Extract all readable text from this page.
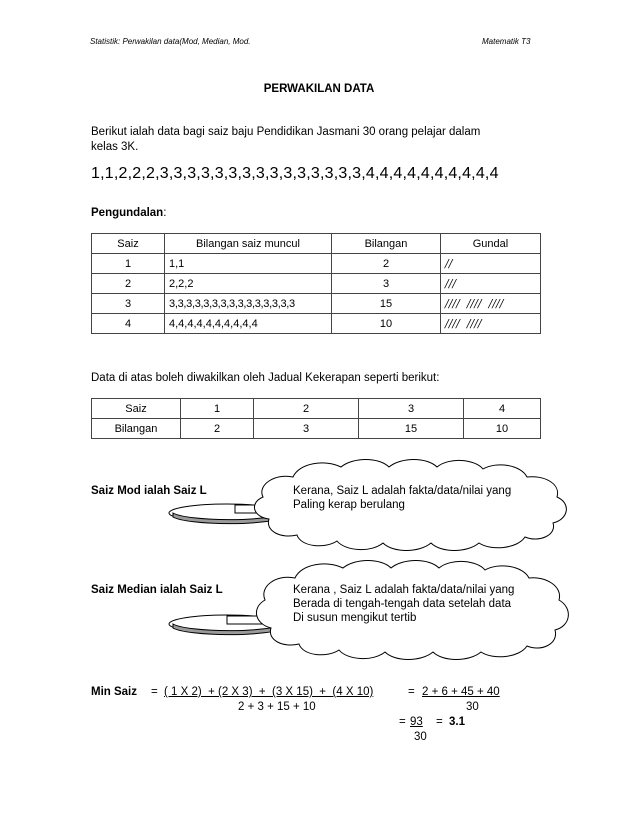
Statistik: Perwakilan data(Mod, Median, Mod.	Matematik T3
PERWAKILAN DATA
Berikut ialah data bagi saiz baju Pendidikan Jasmani 30 orang pelajar dalam
kelas 3K.
1,1,2,2,2,3,3,3,3,3,3,3,3,3,3,3,3,3,3,3,4,4,4,4,4,4,4,4,4,4
Pengundalan:
Saiz	Bilangan saiz muncul	Bilangan	Gundal
1	1,1	2	//
2	2,2,2	3	///
3	3,3,3,3,3,3,3,3,3,3,3,3,3,3,3	15	////  ////  ////
4	4,4,4,4,4,4,4,4,4,4	10	////  ////
Data di atas boleh diwakilkan oleh Jadual Kekerapan seperti berikut:
Saiz	1	2	3	4
Bilangan	2	3	15	10
Saiz Mod ialah Saiz L	Kerana, Saiz L adalah fakta/data/nilai yang
Paling kerap berulang
Saiz Median ialah Saiz L	Kerana , Saiz L adalah fakta/data/nilai yang
Berada di tengah-tengah data setelah data
Di susun mengikut tertib
Min Saiz = ( 1 X 2)  + (2 X 3)  +  (3 X 15)  +  (4 X 10)
2 + 3 + 15 + 10
= 2 + 6 + 45 + 40
30
= 93 = 3.1
30
